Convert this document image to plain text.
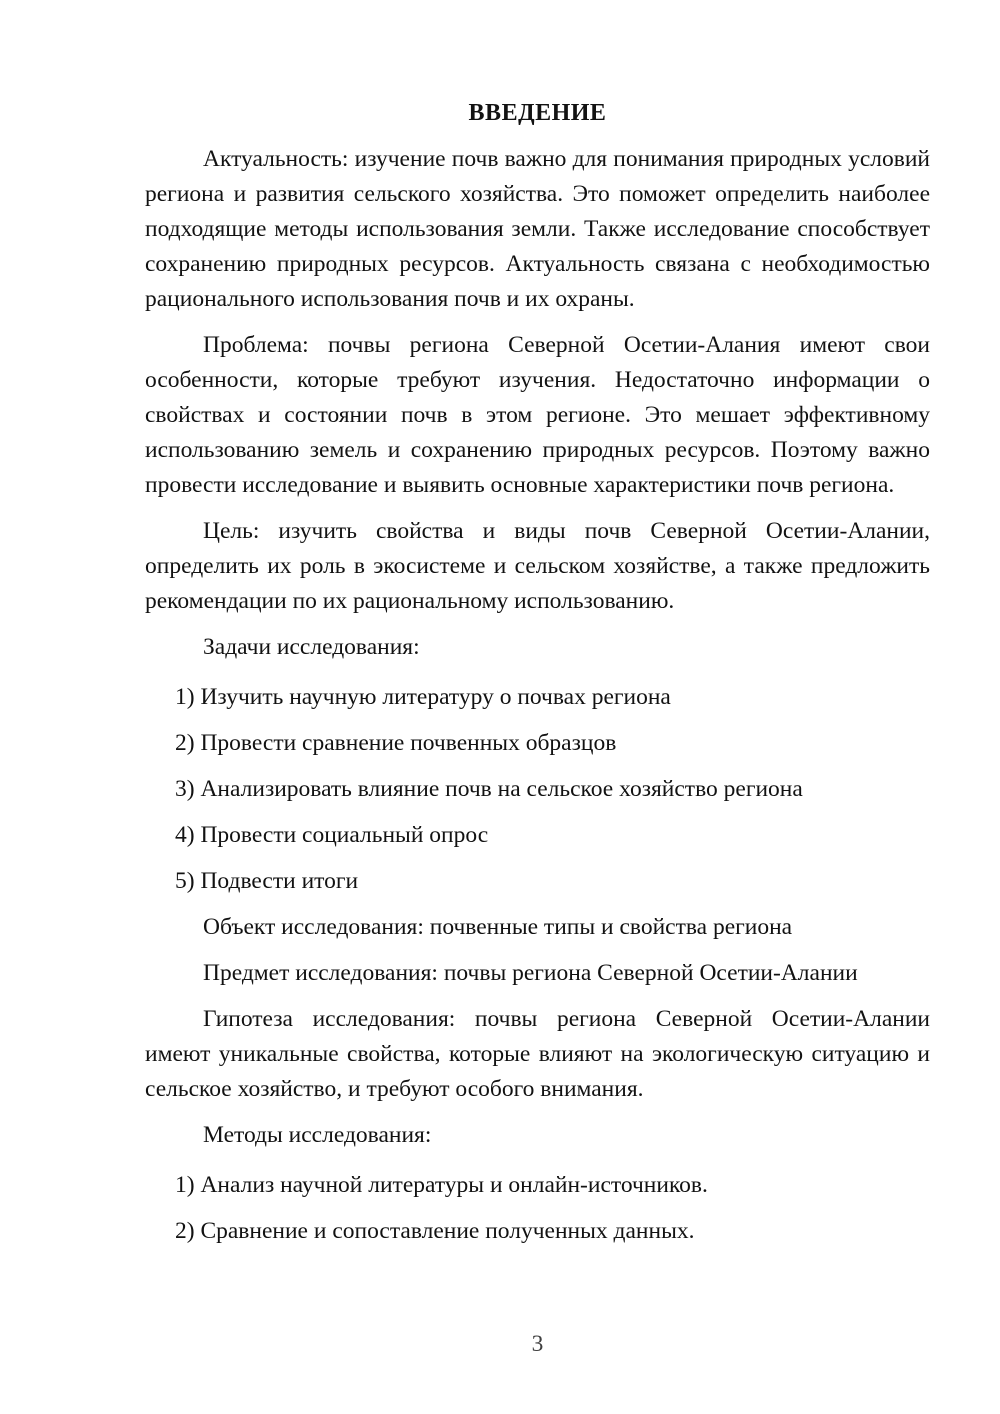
ВВЕДЕНИЕ

Актуальность: изучение почв важно для понимания природных условий региона и развития сельского хозяйства. Это поможет определить наиболее подходящие методы использования земли. Также исследование способствует сохранению природных ресурсов. Актуальность связана с необходимостью рационального использования почв и их охраны.

Проблема: почвы региона Северной Осетии-Алания имеют свои особенности, которые требуют изучения. Недостаточно информации о свойствах и состоянии почв в этом регионе. Это мешает эффективному использованию земель и сохранению природных ресурсов. Поэтому важно провести исследование и выявить основные характеристики почв региона.

Цель: изучить свойства и виды почв Северной Осетии-Алании, определить их роль в экосистеме и сельском хозяйстве, а также предложить рекомендации по их рациональному использованию.

Задачи исследования:

1) Изучить научную литературу о почвах региона

2) Провести сравнение почвенных образцов

3) Анализировать влияние почв на сельское хозяйство региона

4) Провести социальный опрос

5) Подвести итоги

Объект исследования: почвенные типы и свойства региона

Предмет исследования: почвы региона Северной Осетии-Алании

Гипотеза исследования: почвы региона Северной Осетии-Алании имеют уникальные свойства, которые влияют на экологическую ситуацию и сельское хозяйство, и требуют особого внимания.

Методы исследования:

1) Анализ научной литературы и онлайн-источников.

2) Сравнение и сопоставление полученных данных.

3
